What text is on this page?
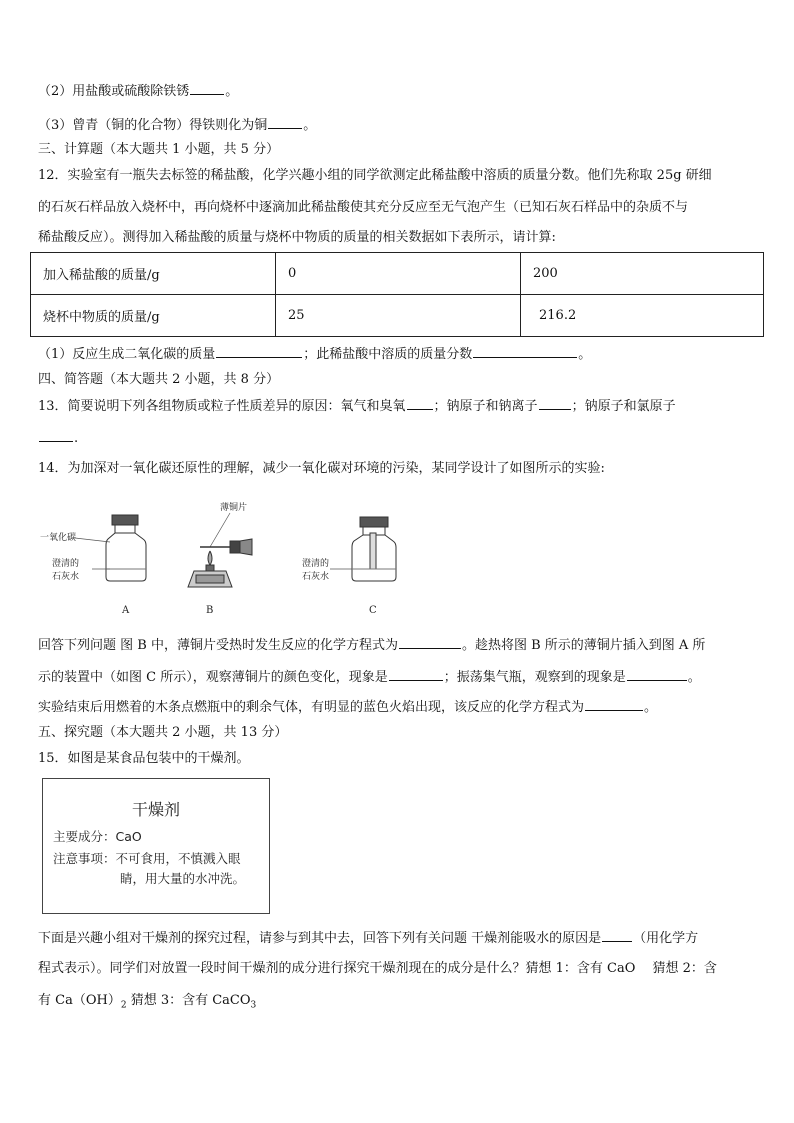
（2）用盐酸或硫酸除铁锈	。
（3）曾青（铜的化合物）得铁则化为铜	。
三、计算题（本大题共 1 小题，共 5 分）
12．实验室有一瓶失去标签的稀盐酸，化学兴趣小组的同学欲测定此稀盐酸中溶质的质量分数。他们先称取 25g 研细
的石灰石样品放入烧杯中，再向烧杯中逐滴加此稀盐酸使其充分反应至无气泡产生（已知石灰石样品中的杂质不与
稀盐酸反应）。测得加入稀盐酸的质量与烧杯中物质的质量的相关数据如下表所示，请计算:
加入稀盐酸的质量/g	0	200
烧杯中物质的质量/g	25	216.2
（1）反应生成二氧化碳的质量	；此稀盐酸中溶质的质量分数	。
四、简答题（本大题共 2 小题，共 8 分）
13．简要说明下列各组物质或粒子性质差异的原因：氧气和臭氧 ；钠原子和钠离子	；钠原子和氯原子
.
14．为加深对一氧化碳还原性的理解，减少一氧化碳对环境的污染，某同学设计了如图所示的实验:
一氧化碳
澄清的
石灰水
A
薄铜片
B
澄清的
石灰水
C
回答下列问题 图 B 中，薄铜片受热时发生反应的化学方程式为	。趁热将图 B 所示的薄铜片插入到图 A 所
示的装置中（如图 C 所示），观察薄铜片的颜色变化，现象是	；振荡集气瓶，观察到的现象是	。
实验结束后用燃着的木条点燃瓶中的剩余气体，有明显的蓝色火焰出现，该反应的化学方程式为	。
五、探究题（本大题共 2 小题，共 13 分）
15．如图是某食品包装中的干燥剂。
干燥剂
主要成分：CaO
注意事项：不可食用，不慎溅入眼
睛，用大量的水冲洗。
下面是兴趣小组对干燥剂的探究过程，请参与到其中去，回答下列有关问题 干燥剂能吸水的原因是 （用化学方
程式表示）。同学们对放置一段时间干燥剂的成分进行探究干燥剂现在的成分是什么？猜想 1：含有 CaO　 猜想 2：含
有 $Ca(OH)_2$ 猜想 3：含有 CaCO$_3$
